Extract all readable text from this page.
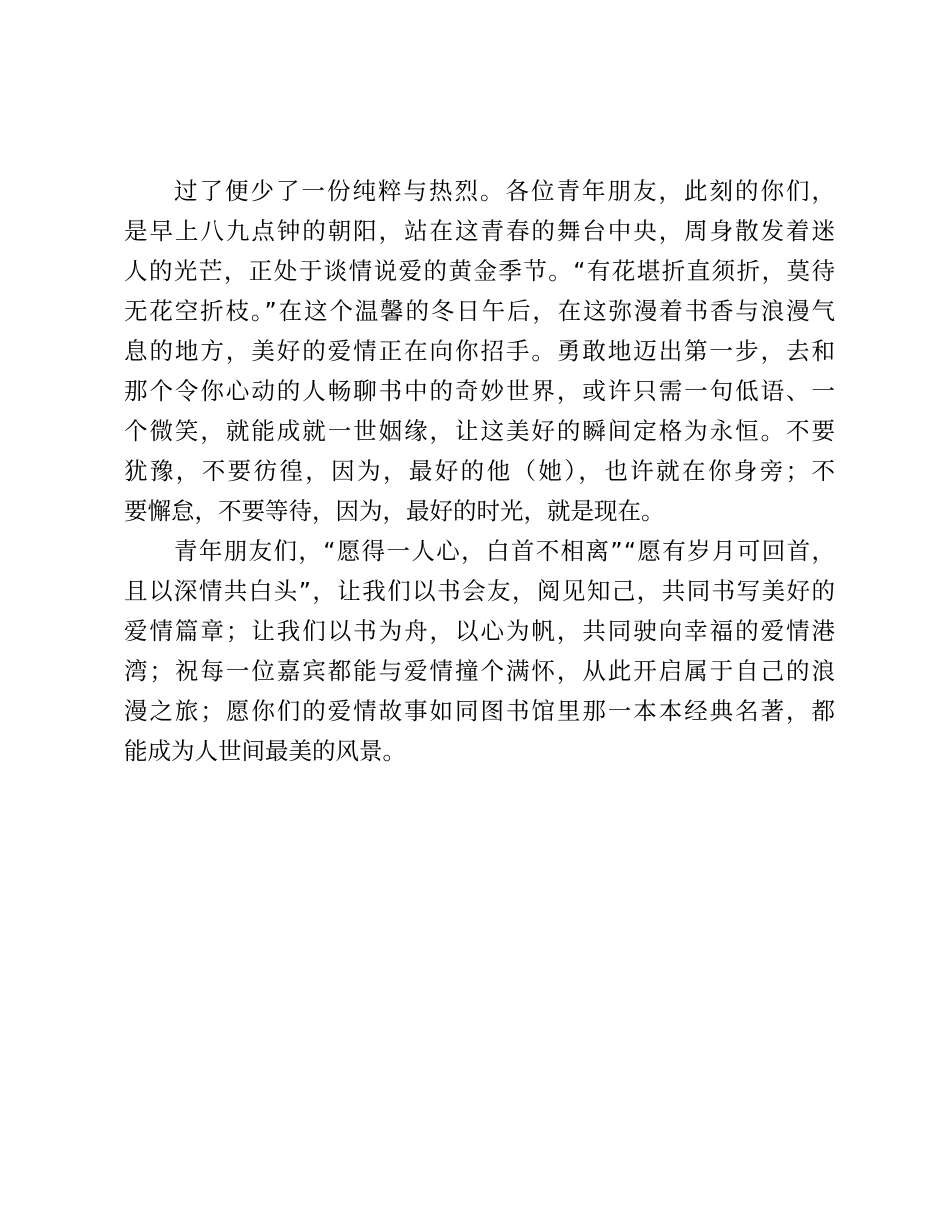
过了便少了一份纯粹与热烈。各位青年朋友，此刻的你们，
是早上八九点钟的朝阳，站在这青春的舞台中央，周身散发着迷
人的光芒，正处于谈情说爱的黄金季节。“有花堪折直须折，莫待
无花空折枝。”在这个温馨的冬日午后，在这弥漫着书香与浪漫气
息的地方，美好的爱情正在向你招手。勇敢地迈出第一步，去和
那个令你心动的人畅聊书中的奇妙世界，或许只需一句低语、一
个微笑，就能成就一世姻缘，让这美好的瞬间定格为永恒。不要
犹豫，不要彷徨，因为，最好的他（她），也许就在你身旁；不
要懈怠，不要等待，因为，最好的时光，就是现在。
青年朋友们，“愿得一人心，白首不相离”“愿有岁月可回首，
且以深情共白头”，让我们以书会友，阅见知己，共同书写美好的
爱情篇章；让我们以书为舟，以心为帆，共同驶向幸福的爱情港
湾；祝每一位嘉宾都能与爱情撞个满怀，从此开启属于自己的浪
漫之旅；愿你们的爱情故事如同图书馆里那一本本经典名著，都
能成为人世间最美的风景。
